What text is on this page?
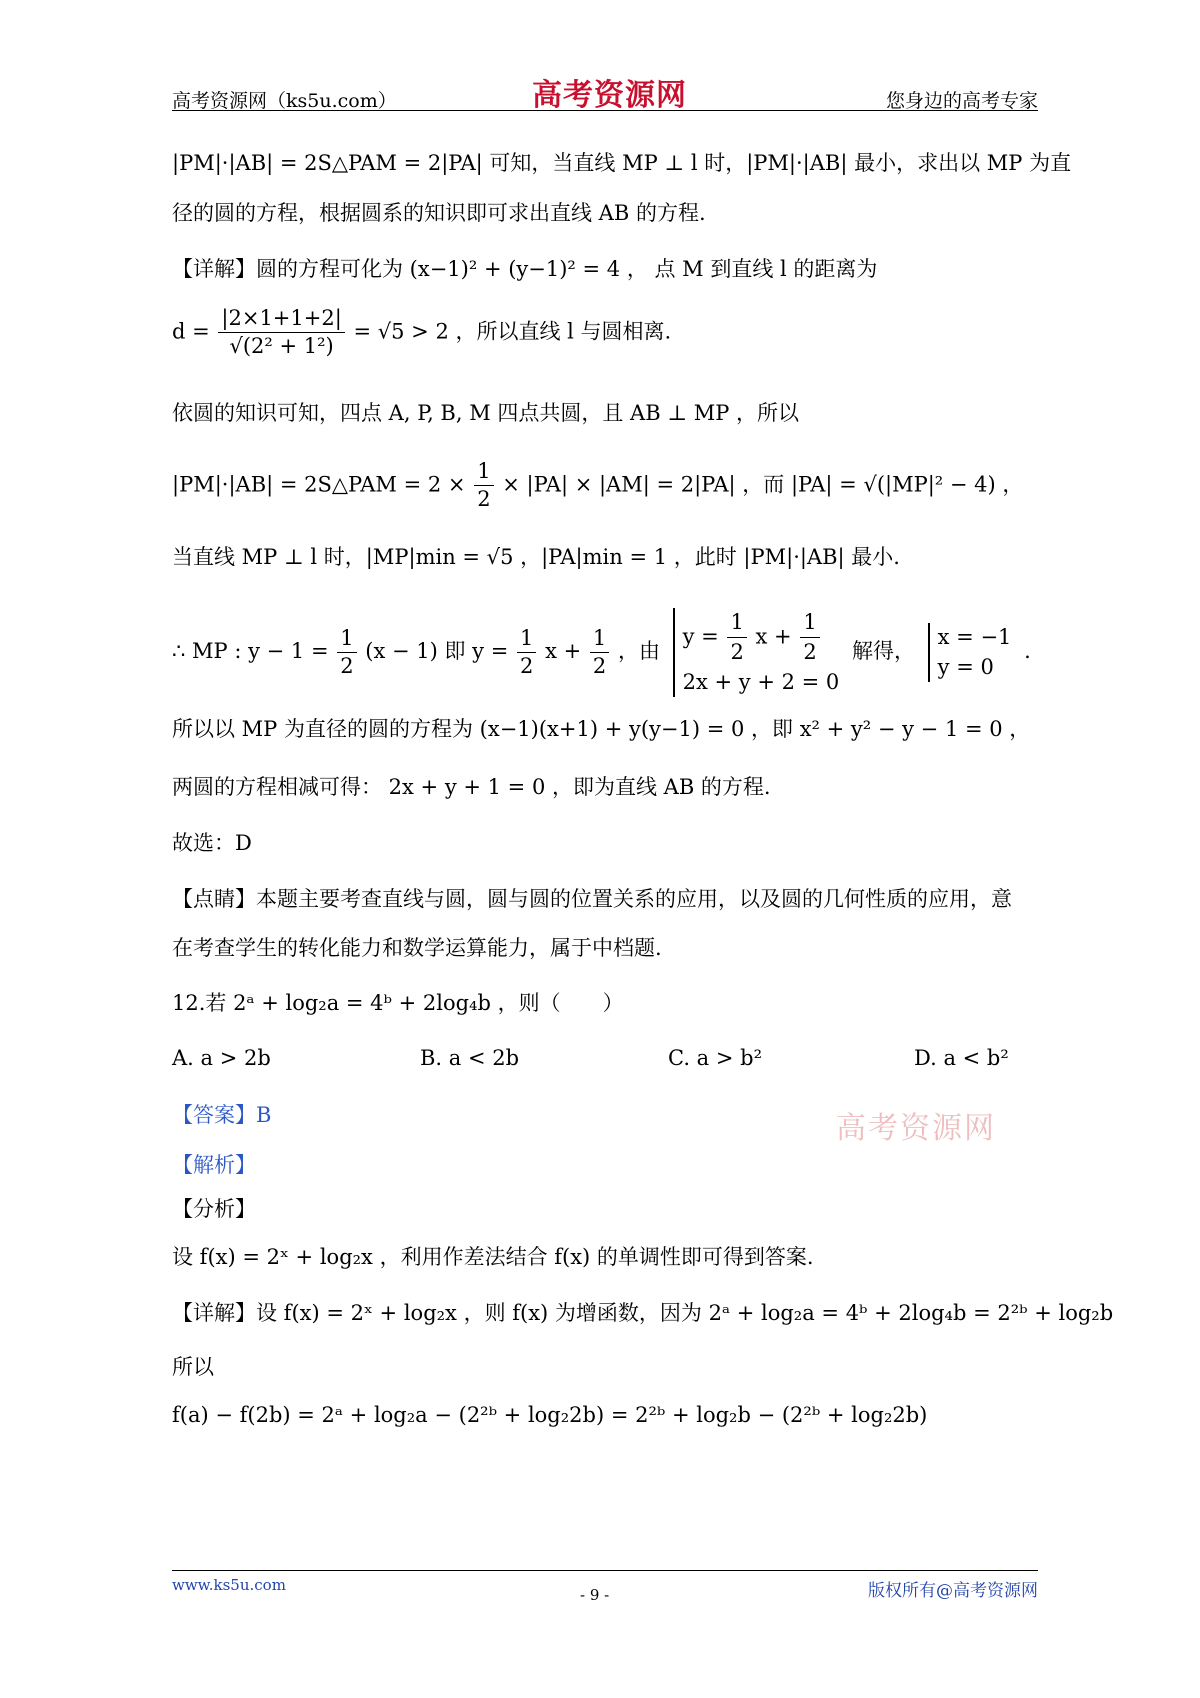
高考资源网（ks5u.com）	高考资源网	您身边的高考专家
|PM|·|AB| = 2S△PAM = 2|PA| 可知，当直线 MP ⊥ l 时，|PM|·|AB| 最小，求出以 MP 为直
径的圆的方程，根据圆系的知识即可求出直线 AB 的方程.
【详解】圆的方程可化为 (x−1)² + (y−1)² = 4 ， 点 M 到直线 l 的距离为
$d = \frac{|2\times 1+1+2|}{\text{√(2² + 1²)}} = √5 > 2$ ，所以直线 l 与圆相离.
依圆的知识可知，四点 A, P, B, M 四点共圆，且 AB ⊥ MP ，所以
|PM|·|AB| = 2S△PAM = $2 \times \frac{1}{2} \times |PA| \times |AM| = 2|PA|$ ，而 |PA| = √(|MP|² − 4) ，
当直线 MP ⊥ l 时，|MP|min = √5 ，|PA|min = 1 ，此时 |PM|·|AB| 最小.
∴ MP : $y - 1 = \frac{1}{2} (x - 1)$ 即 $y = \frac{1}{2}$ $x + \frac{1}{2}$ ，由
$y = \frac{1}{2}$ $x + \frac{1}{2}$
2x + y + 2 = 0
解得，
x = −1
y = 0
.
所以以 MP 为直径的圆的方程为 (x−1)(x+1) + y(y−1) = 0 ，即 x² + y² − y − 1 = 0 ，
两圆的方程相减可得： 2x + y + 1 = 0 ，即为直线 AB 的方程.
故选：D
【点睛】本题主要考查直线与圆，圆与圆的位置关系的应用，以及圆的几何性质的应用，意
在考查学生的转化能力和数学运算能力，属于中档题.
12.若 2ᵃ + log₂a = 4ᵇ + 2log₄b ，则（　　）
A. a > 2b	B. a < 2b	C. a > b²	D. a < b²
高考资源网
【答案】B
【解析】
【分析】
设 f(x) = 2ˣ + log₂x ，利用作差法结合 f(x) 的单调性即可得到答案.
【详解】设 f(x) = 2ˣ + log₂x ，则 f(x) 为增函数，因为 2ᵃ + log₂a = 4ᵇ + 2log₄b = 2²ᵇ + log₂b
所以
f(a) − f(2b) = 2ᵃ + log₂a − (2²ᵇ + log₂2b) = 2²ᵇ + log₂b − (2²ᵇ + log₂2b)
www.ks5u.com
- 9 -	版权所有@高考资源网
